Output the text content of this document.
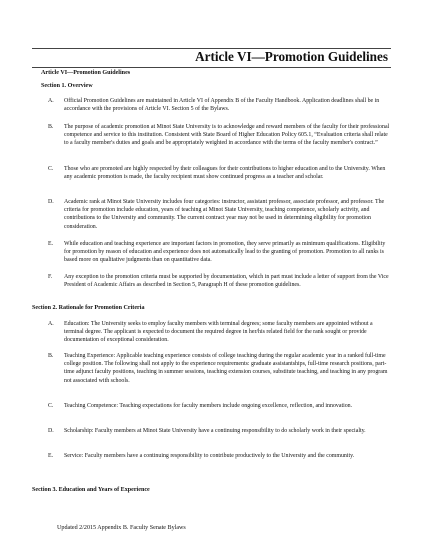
Article VI—Promotion Guidelines
Article VI—Promotion Guidelines
Section 1. Overview
A. Official Promotion Guidelines are maintained in Article VI of Appendix B of the Faculty Handbook. Application deadlines shall be in accordance with the provisions of Article VI. Section 5 of the Bylaws.

B. The purpose of academic promotion at Minot State University is to acknowledge and reward members of the faculty for their professional competence and service to this institution. Consistent with State Board of Higher Education Policy 605.1, “Evaluation criteria shall relate to a faculty member's duties and goals and be appropriately weighted in accordance with the terms of the faculty member's contract.”

C. Those who are promoted are highly respected by their colleagues for their contributions to higher education and to the University. When any academic promotion is made, the faculty recipient must show continued progress as a teacher and scholar.

D. Academic rank at Minot State University includes four categories: instructor, assistant professor, associate professor, and professor. The criteria for promotion include education, years of teaching at Minot State University, teaching competence, scholarly activity, and contributions to the University and community. The current contract year may not be used in determining eligibility for promotion consideration.

E. While education and teaching experience are important factors in promotion, they serve primarily as minimum qualifications. Eligibility for promotion by reason of education and experience does not automatically lead to the granting of promotion. Promotion to all ranks is based more on qualitative judgments than on quantitative data.

F. Any exception to the promotion criteria must be supported by documentation, which in part must include a letter of support from the Vice President of Academic Affairs as described in Section 5, Paragraph H of these promotion guidelines.

Section 2. Rationale for Promotion Criteria
A. Education: The University seeks to employ faculty members with terminal degrees; some faculty members are appointed without a terminal degree. The applicant is expected to document the required degree in her/his related field for the rank sought or provide documentation of exceptional consideration.

B. Teaching Experience: Applicable teaching experience consists of college teaching during the regular academic year in a ranked full-time college position. The following shall not apply to the experience requirements: graduate assistantships, full-time research positions, part-time adjunct faculty positions, teaching in summer sessions, teaching extension courses, substitute teaching, and teaching in any program not associated with schools.

C. Teaching Competence: Teaching expectations for faculty members include ongoing excellence, reflection, and innovation.

D. Scholarship: Faculty members at Minot State University have a continuing responsibility to do scholarly work in their specialty.

E. Service: Faculty members have a continuing responsibility to contribute productively to the University and the community.

Section 3. Education and Years of Experience
Updated 2/2015 Appendix B. Faculty Senate Bylaws
